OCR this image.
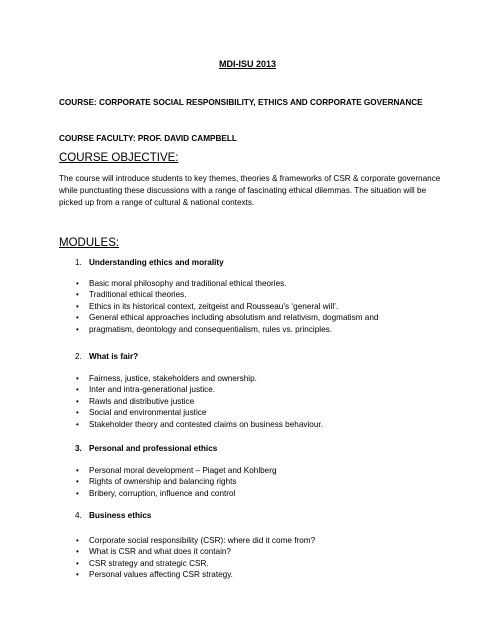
MDI-ISU 2013
COURSE: CORPORATE SOCIAL RESPONSIBILITY, ETHICS AND CORPORATE GOVERNANCE
COURSE FACULTY: PROF. DAVID CAMPBELL
COURSE OBJECTIVE:
The course will introduce students to key themes, theories & frameworks of CSR & corporate governance while punctuating these discussions with a range of fascinating ethical dilemmas. The situation will be picked up from a range of cultural & national contexts.
MODULES:
1. Understanding ethics and morality
• Basic moral philosophy and traditional ethical theories.
• Traditional ethical theories.
• Ethics in its historical context, zeitgeist and Rousseau’s ‘general will’.
• General ethical approaches including absolutism and relativism, dogmatism and
• pragmatism, deontology and consequentialism, rules vs. principles.
2. What is fair?
• Fairness, justice, stakeholders and ownership.
• Inter and intra-generational justice.
• Rawls and distributive justice
• Social and environmental justice
• Stakeholder theory and contested claims on business behaviour.
3. Personal and professional ethics
• Personal moral development – Piaget and Kohlberg
• Rights of ownership and balancing rights
• Bribery, corruption, influence and control
4. Business ethics
• Corporate social responsibility (CSR): where did it come from?
• What is CSR and what does it contain?
• CSR strategy and strategic CSR.
• Personal values affecting CSR strategy.
